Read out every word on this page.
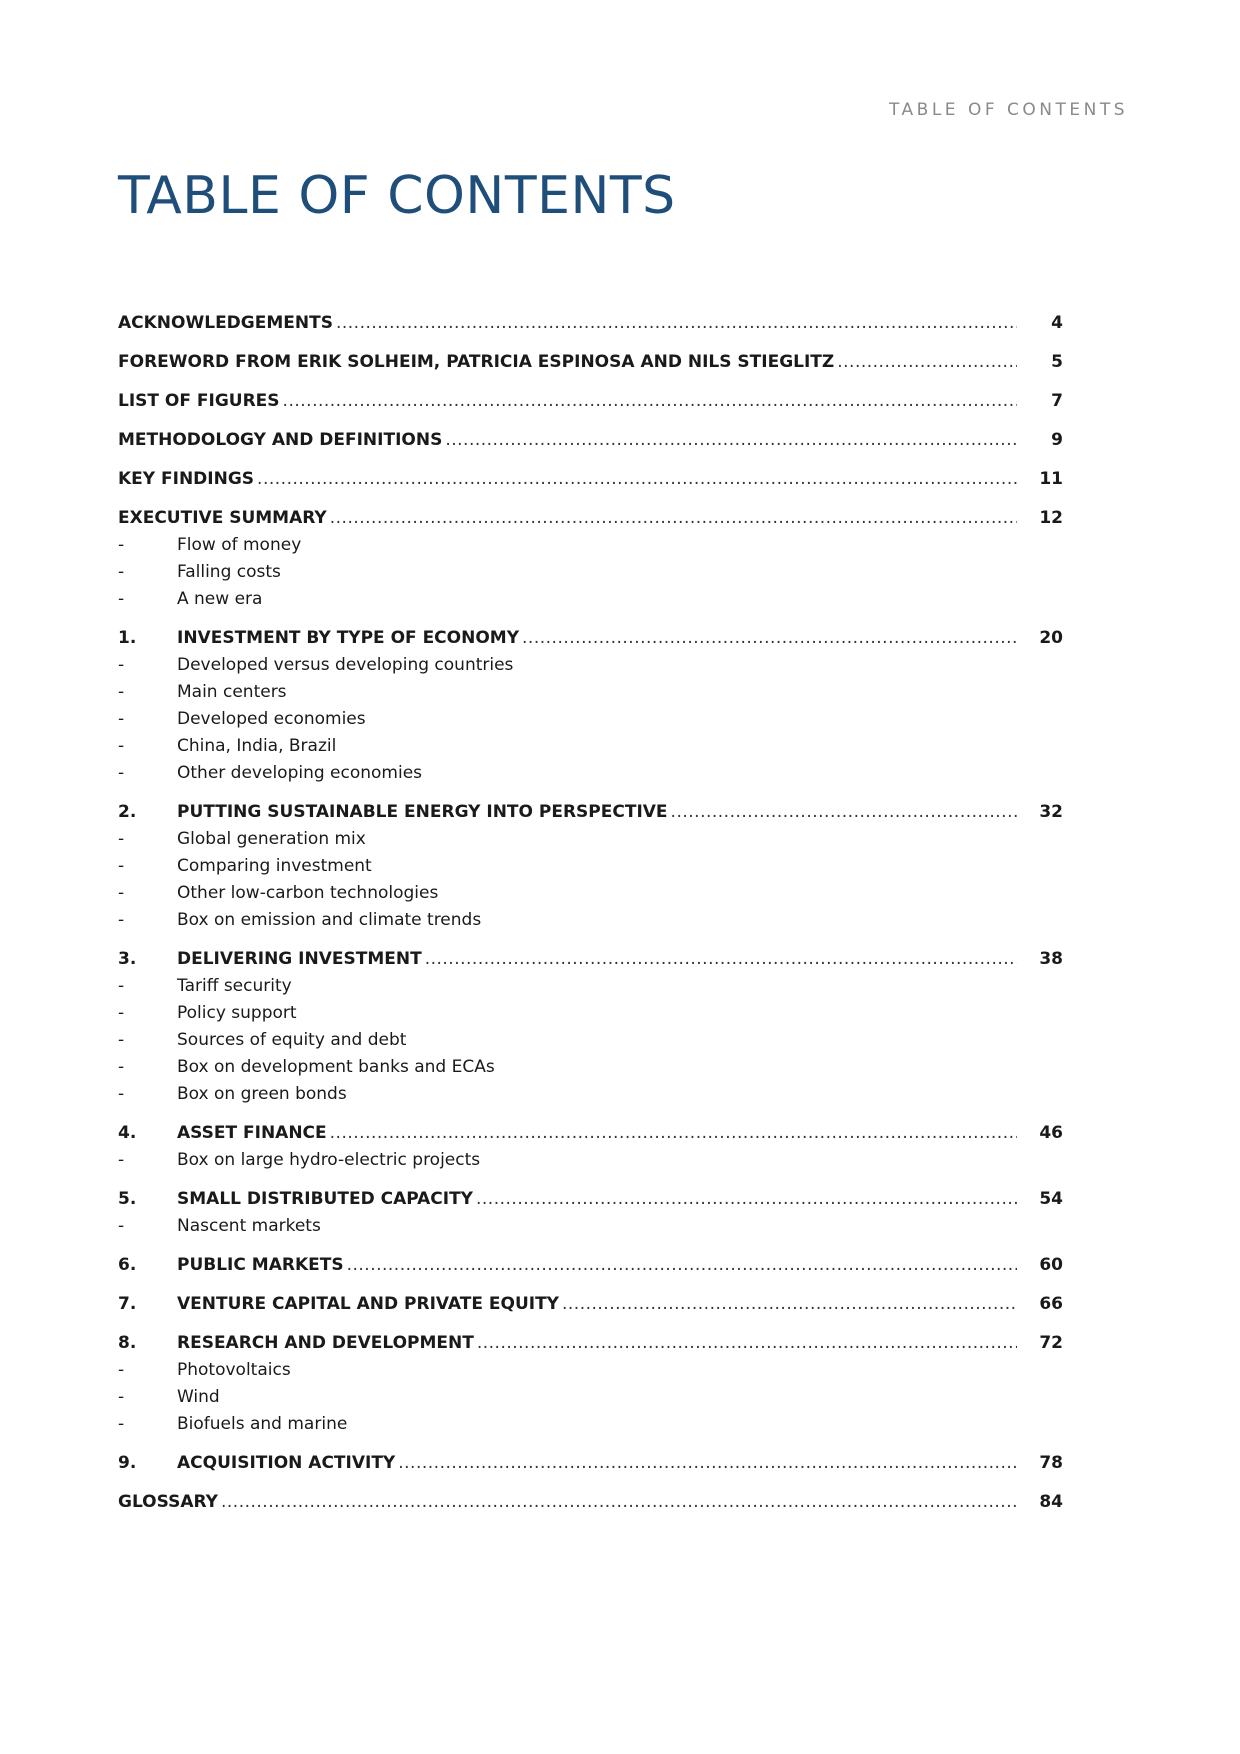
TABLE OF CONTENTS
TABLE OF CONTENTS
ACKNOWLEDGEMENTS .....	4
FOREWORD FROM ERIK SOLHEIM, PATRICIA ESPINOSA AND NILS STIEGLITZ .....	5
LIST OF FIGURES .....	7
METHODOLOGY AND DEFINITIONS .....	9
KEY FINDINGS .....	11
EXECUTIVE SUMMARY .....	12
-	Flow of money
-	Falling costs
-	A new era
1.	INVESTMENT BY TYPE OF ECONOMY .....	20
-	Developed versus developing countries
-	Main centers
-	Developed economies
-	China, India, Brazil
-	Other developing economies
2.	PUTTING SUSTAINABLE ENERGY INTO PERSPECTIVE .....	32
-	Global generation mix
-	Comparing investment
-	Other low-carbon technologies
-	Box on emission and climate trends
3.	DELIVERING INVESTMENT .....	38
-	Tariff security
-	Policy support
-	Sources of equity and debt
-	Box on development banks and ECAs
-	Box on green bonds
4.	ASSET FINANCE .....	46
-	Box on large hydro-electric projects
5.	SMALL DISTRIBUTED CAPACITY .....	54
-	Nascent markets
6.	PUBLIC MARKETS .....	60
7.	VENTURE CAPITAL AND PRIVATE EQUITY .....	66
8.	RESEARCH AND DEVELOPMENT .....	72
-	Photovoltaics
-	Wind
-	Biofuels and marine
9.	ACQUISITION ACTIVITY .....	78
GLOSSARY .....	84
